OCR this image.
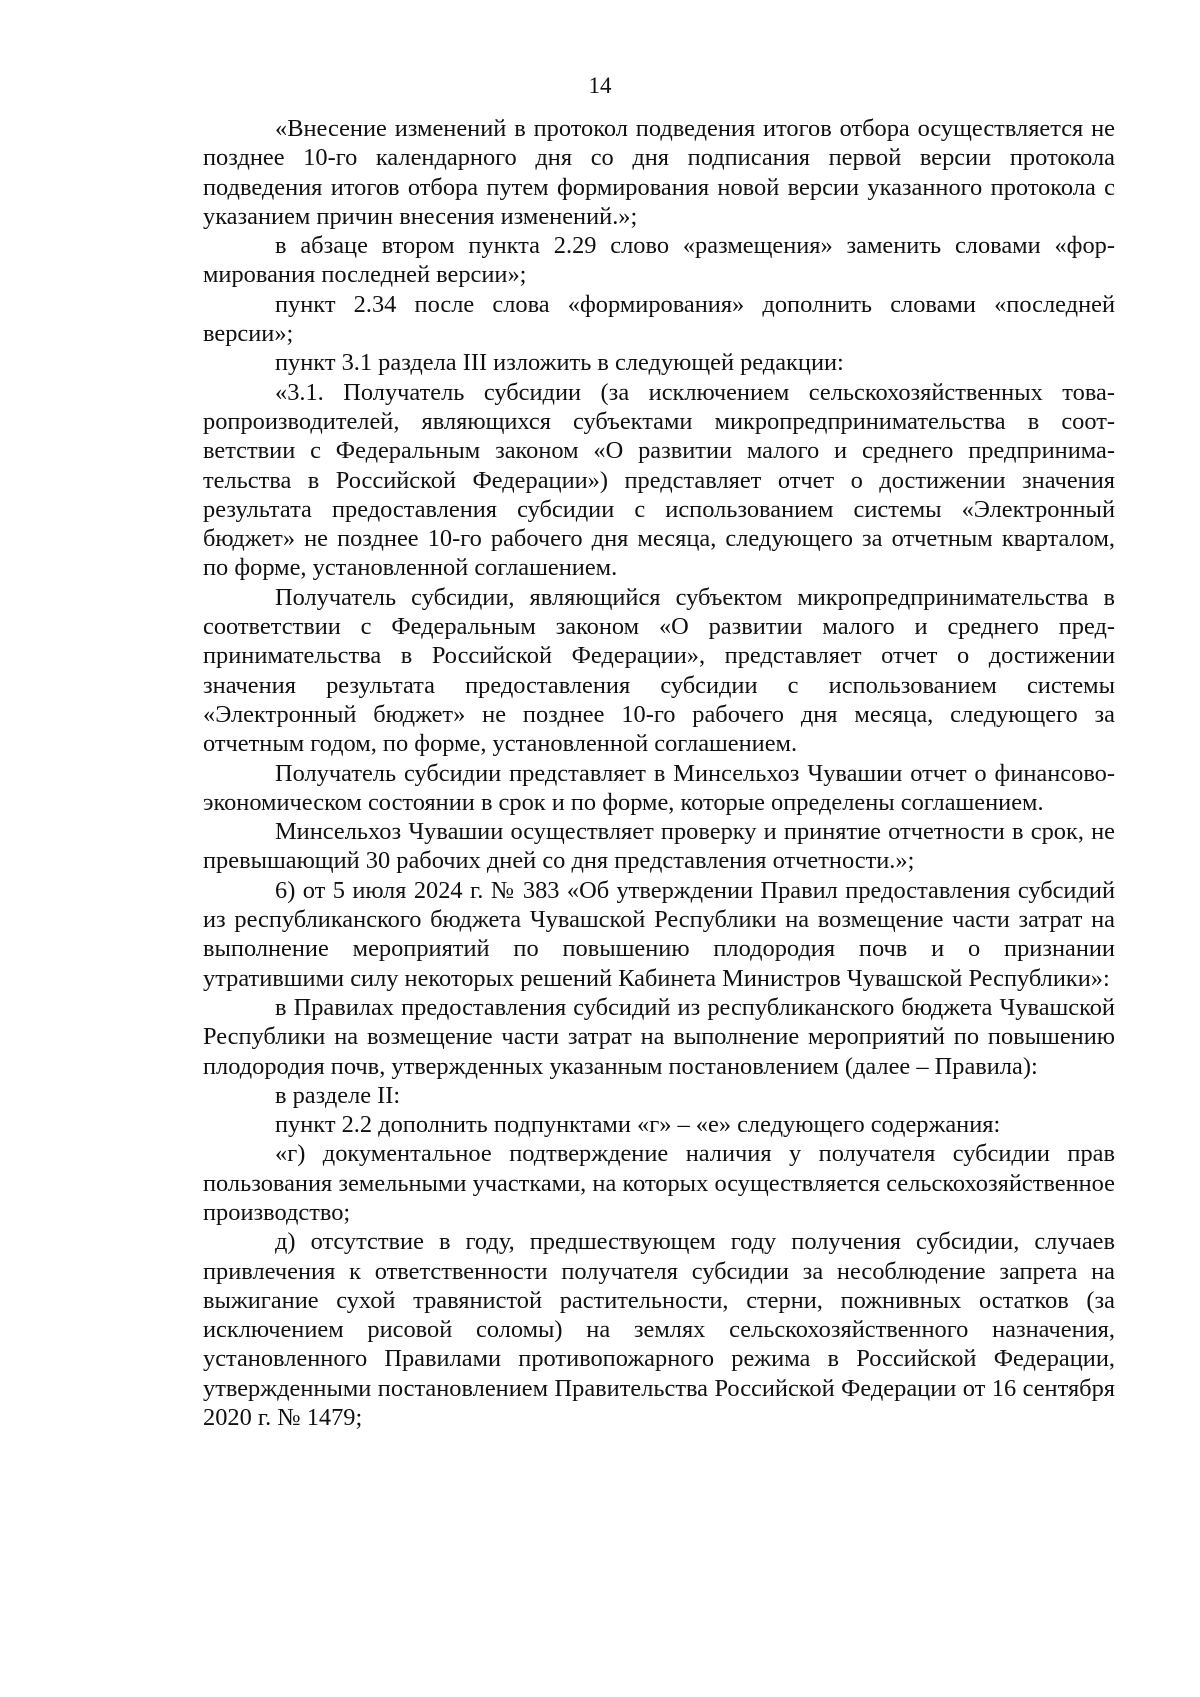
14

«Внесение изменений в протокол подведения итогов отбора осуществляется не позднее 10-го календарного дня со дня подписания первой версии протокола подведения итогов отбора путем формирования новой версии указанного протокола с указанием причин внесения изменений.»;

в абзаце втором пункта 2.29 слово «размещения» заменить словами «формирования последней версии»;

пункт 2.34 после слова «формирования» дополнить словами «последней версии»;

пункт 3.1 раздела III изложить в следующей редакции:

«3.1. Получатель субсидии (за исключением сельскохозяйственных товаропроизводителей, являющихся субъектами микропредпринимательства в соответствии с Федеральным законом «О развитии малого и среднего предпринимательства в Российской Федерации») представляет отчет о достижении значения результата предоставления субсидии с использованием системы «Электронный бюджет» не позднее 10-го рабочего дня месяца, следующего за отчетным кварталом, по форме, установленной соглашением.

Получатель субсидии, являющийся субъектом микропредпринимательства в соответствии с Федеральным законом «О развитии малого и среднего предпринимательства в Российской Федерации», представляет отчет о достижении значения результата предоставления субсидии с использованием системы «Электронный бюджет» не позднее 10-го рабочего дня месяца, следующего за отчетным годом, по форме, установленной соглашением.

Получатель субсидии представляет в Минсельхоз Чувашии отчет о финансово-экономическом состоянии в срок и по форме, которые определены соглашением.

Минсельхоз Чувашии осуществляет проверку и принятие отчетности в срок, не превышающий 30 рабочих дней со дня представления отчетности.»;

6) от 5 июля 2024 г. № 383 «Об утверждении Правил предоставления субсидий из республиканского бюджета Чувашской Республики на возмещение части затрат на выполнение мероприятий по повышению плодородия почв и о признании утратившими силу некоторых решений Кабинета Министров Чувашской Республики»:

в Правилах предоставления субсидий из республиканского бюджета Чувашской Республики на возмещение части затрат на выполнение мероприятий по повышению плодородия почв, утвержденных указанным постановлением (далее – Правила):

в разделе II:

пункт 2.2 дополнить подпунктами «г» – «е» следующего содержания:

«г) документальное подтверждение наличия у получателя субсидии прав пользования земельными участками, на которых осуществляется сельскохозяйственное производство;

д) отсутствие в году, предшествующем году получения субсидии, случаев привлечения к ответственности получателя субсидии за несоблюдение запрета на выжигание сухой травянистой растительности, стерни, пожнивных остатков (за исключением рисовой соломы) на землях сельскохозяйственного назначения, установленного Правилами противопожарного режима в Российской Федерации, утвержденными постановлением Правительства Российской Федерации от 16 сентября 2020 г. № 1479;
